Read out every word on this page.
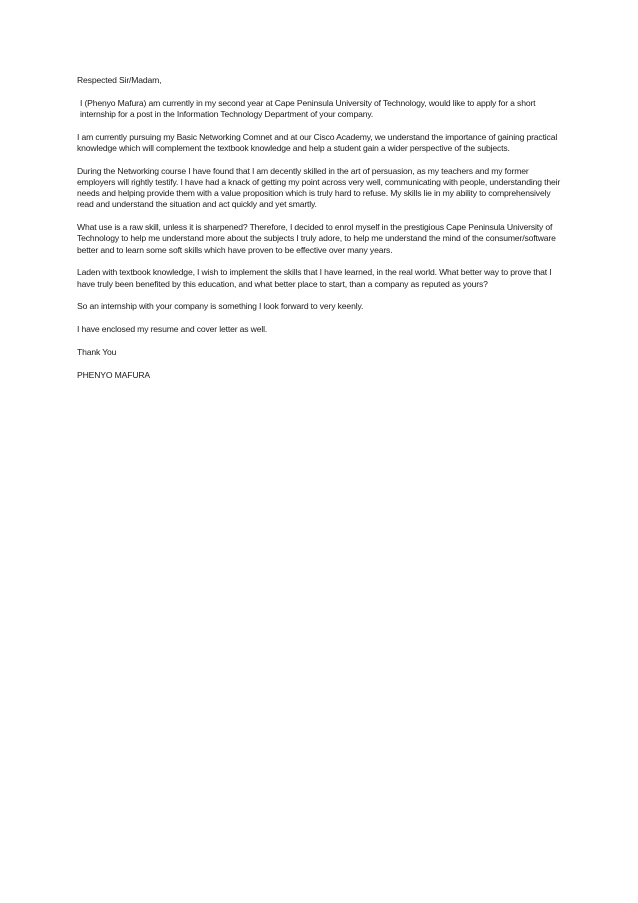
Respected Sir/Madam,

I (Phenyo Mafura) am currently in my second year at Cape Peninsula University of Technology, would like to apply for a short internship for a post in the Information Technology Department of your company.

I am currently pursuing my Basic Networking Comnet and at our Cisco Academy, we understand the importance of gaining practical knowledge which will complement the textbook knowledge and help a student gain a wider perspective of the subjects.

During the Networking course I have found that I am decently skilled in the art of persuasion, as my teachers and my former employers will rightly testify. I have had a knack of getting my point across very well, communicating with people, understanding their needs and helping provide them with a value proposition which is truly hard to refuse. My skills lie in my ability to comprehensively read and understand the situation and act quickly and yet smartly.

What use is a raw skill, unless it is sharpened? Therefore, I decided to enrol myself in the prestigious Cape Peninsula University of Technology to help me understand more about the subjects I truly adore, to help me understand the mind of the consumer/software better and to learn some soft skills which have proven to be effective over many years.

Laden with textbook knowledge, I wish to implement the skills that I have learned, in the real world. What better way to prove that I have truly been benefited by this education, and what better place to start, than a company as reputed as yours?

So an internship with your company is something I look forward to very keenly.

I have enclosed my resume and cover letter as well.

Thank You

PHENYO MAFURA
